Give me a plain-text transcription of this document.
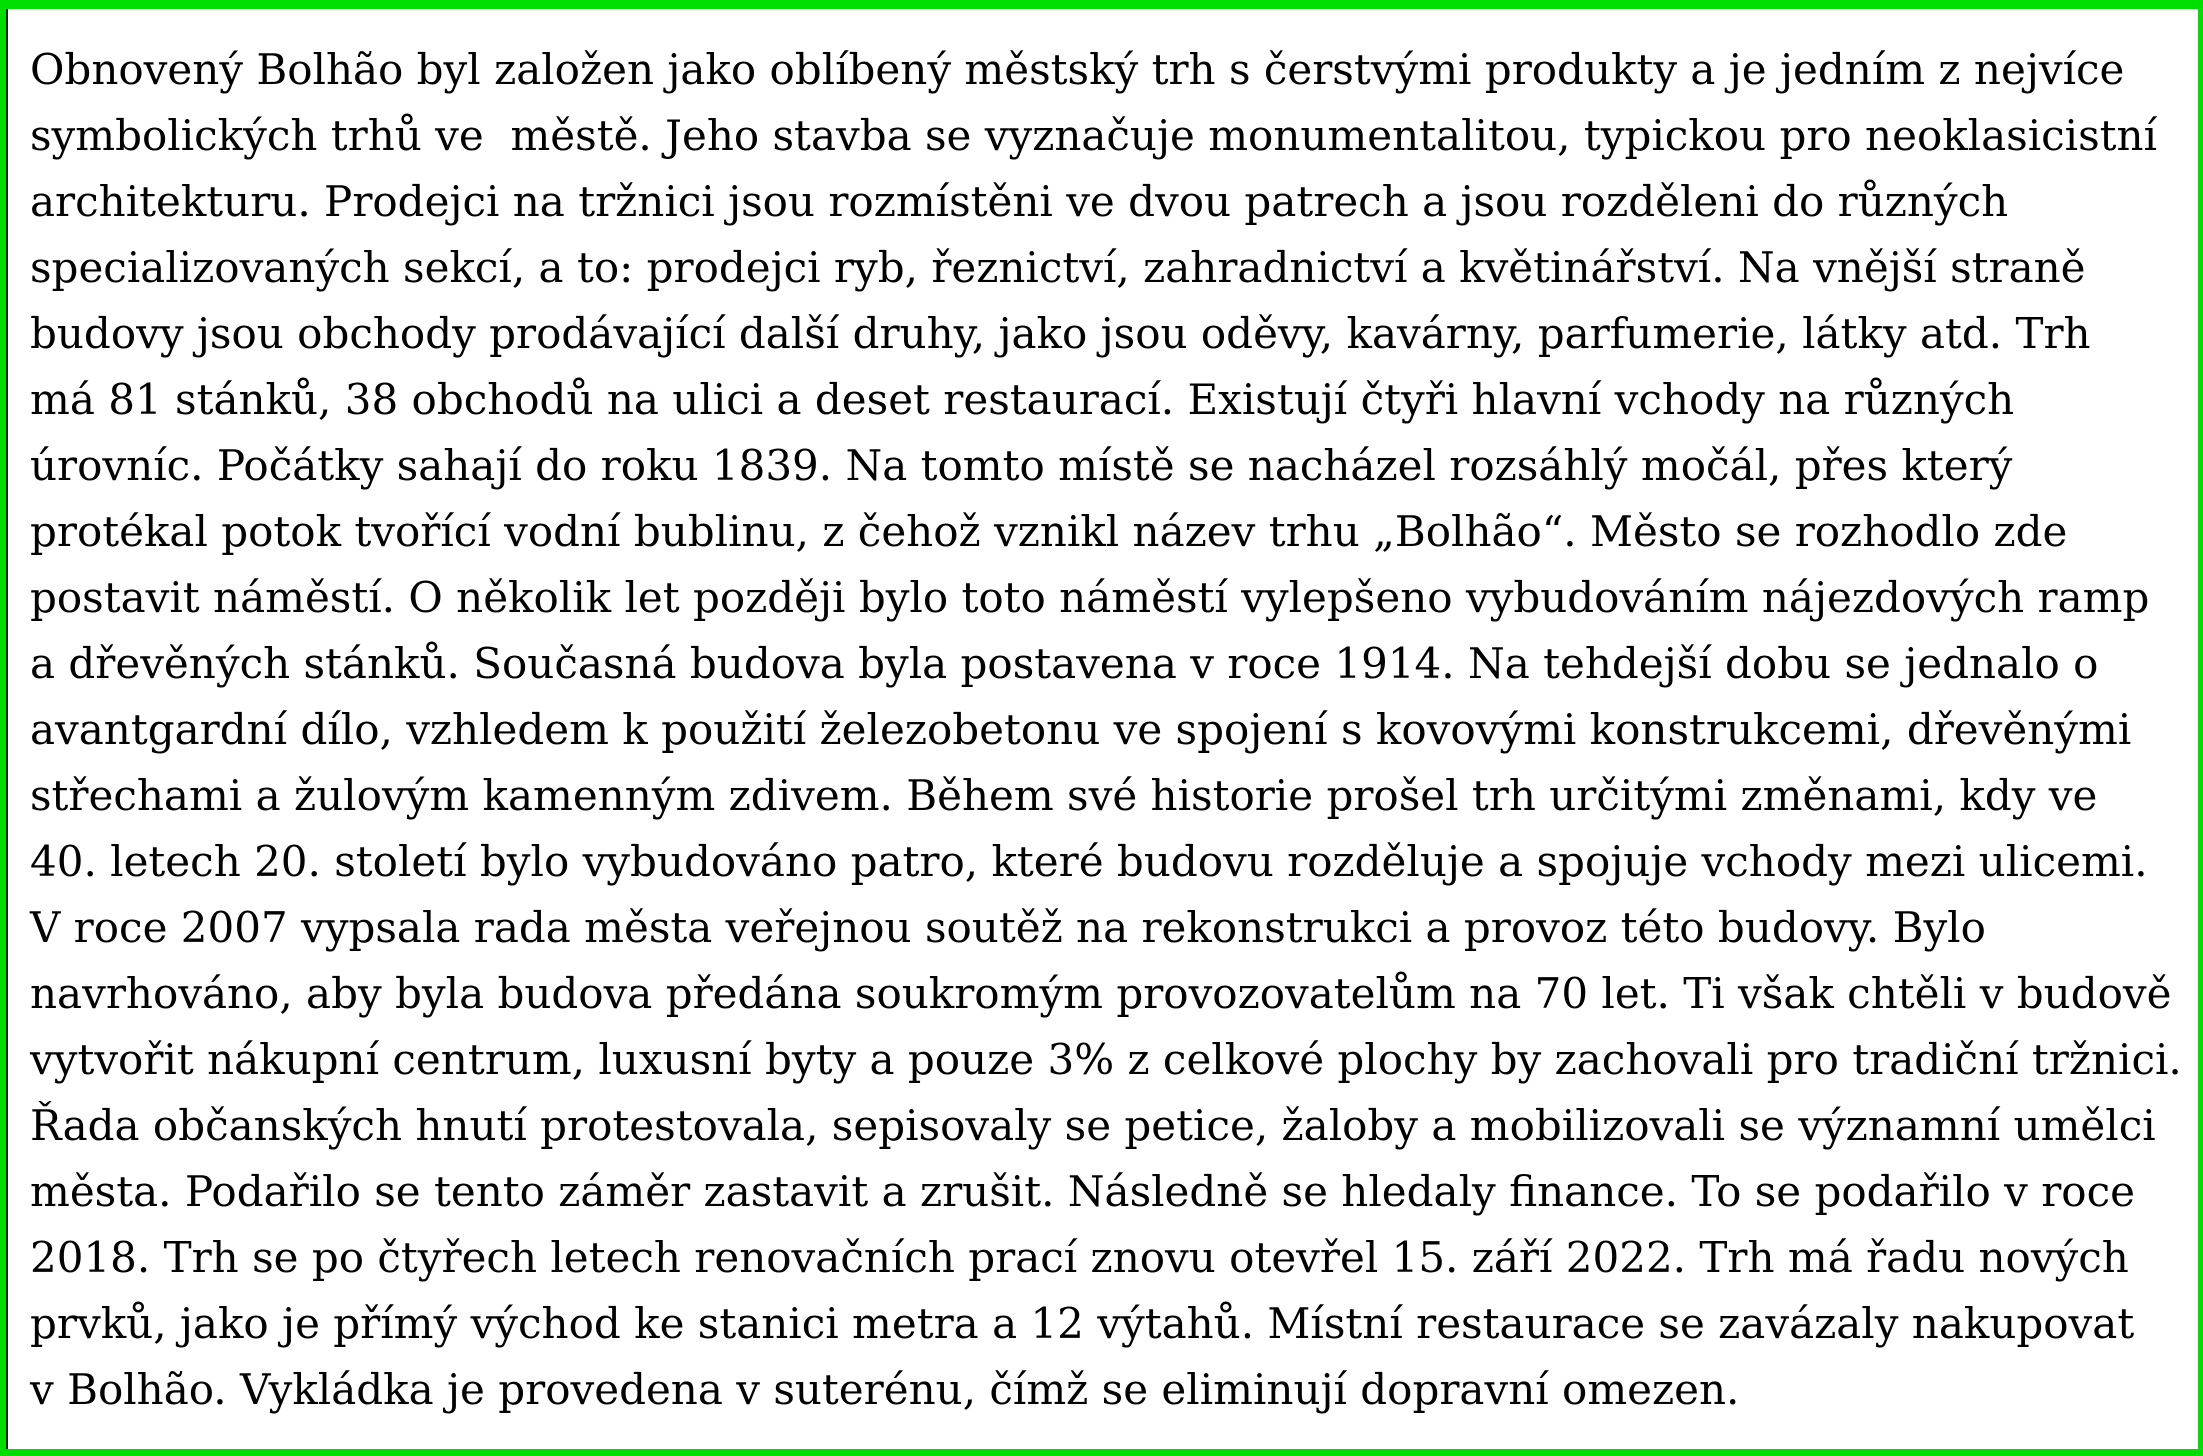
Obnovený Bolhão byl založen jako oblíbený městský trh s čerstvými produkty a je jedním z nejvíce
symbolických trhů ve  městě. Jeho stavba se vyznačuje monumentalitou, typickou pro neoklasicistní
architekturu. Prodejci na tržnici jsou rozmístěni ve dvou patrech a jsou rozděleni do různých
specializovaných sekcí, a to: prodejci ryb, řeznictví, zahradnictví a květinářství. Na vnější straně
budovy jsou obchody prodávající další druhy, jako jsou oděvy, kavárny, parfumerie, látky atd. Trh
má 81 stánků, 38 obchodů na ulici a deset restaurací. Existují čtyři hlavní vchody na různých
úrovníc. Počátky sahají do roku 1839. Na tomto místě se nacházel rozsáhlý močál, přes který
protékal potok tvořící vodní bublinu, z čehož vznikl název trhu „Bolhão“. Město se rozhodlo zde
postavit náměstí. O několik let později bylo toto náměstí vylepšeno vybudováním nájezdových ramp
a dřevěných stánků. Současná budova byla postavena v roce 1914. Na tehdejší dobu se jednalo o
avantgardní dílo, vzhledem k použití železobetonu ve spojení s kovovými konstrukcemi, dřevěnými
střechami a žulovým kamenným zdivem. Během své historie prošel trh určitými změnami, kdy ve
40. letech 20. století bylo vybudováno patro, které budovu rozděluje a spojuje vchody mezi ulicemi.
V roce 2007 vypsala rada města veřejnou soutěž na rekonstrukci a provoz této budovy. Bylo
navrhováno, aby byla budova předána soukromým provozovatelům na 70 let. Ti však chtěli v budově
vytvořit nákupní centrum, luxusní byty a pouze 3% z celkové plochy by zachovali pro tradiční tržnici.
Řada občanských hnutí protestovala, sepisovaly se petice, žaloby a mobilizovali se významní umělci
města. Podařilo se tento záměr zastavit a zrušit. Následně se hledaly finance. To se podařilo v roce
2018. Trh se po čtyřech letech renovačních prací znovu otevřel 15. září 2022. Trh má řadu nových
prvků, jako je přímý východ ke stanici metra a 12 výtahů. Místní restaurace se zavázaly nakupovat
v Bolhão. Vykládka je provedena v suterénu, čímž se eliminují dopravní omezen.
